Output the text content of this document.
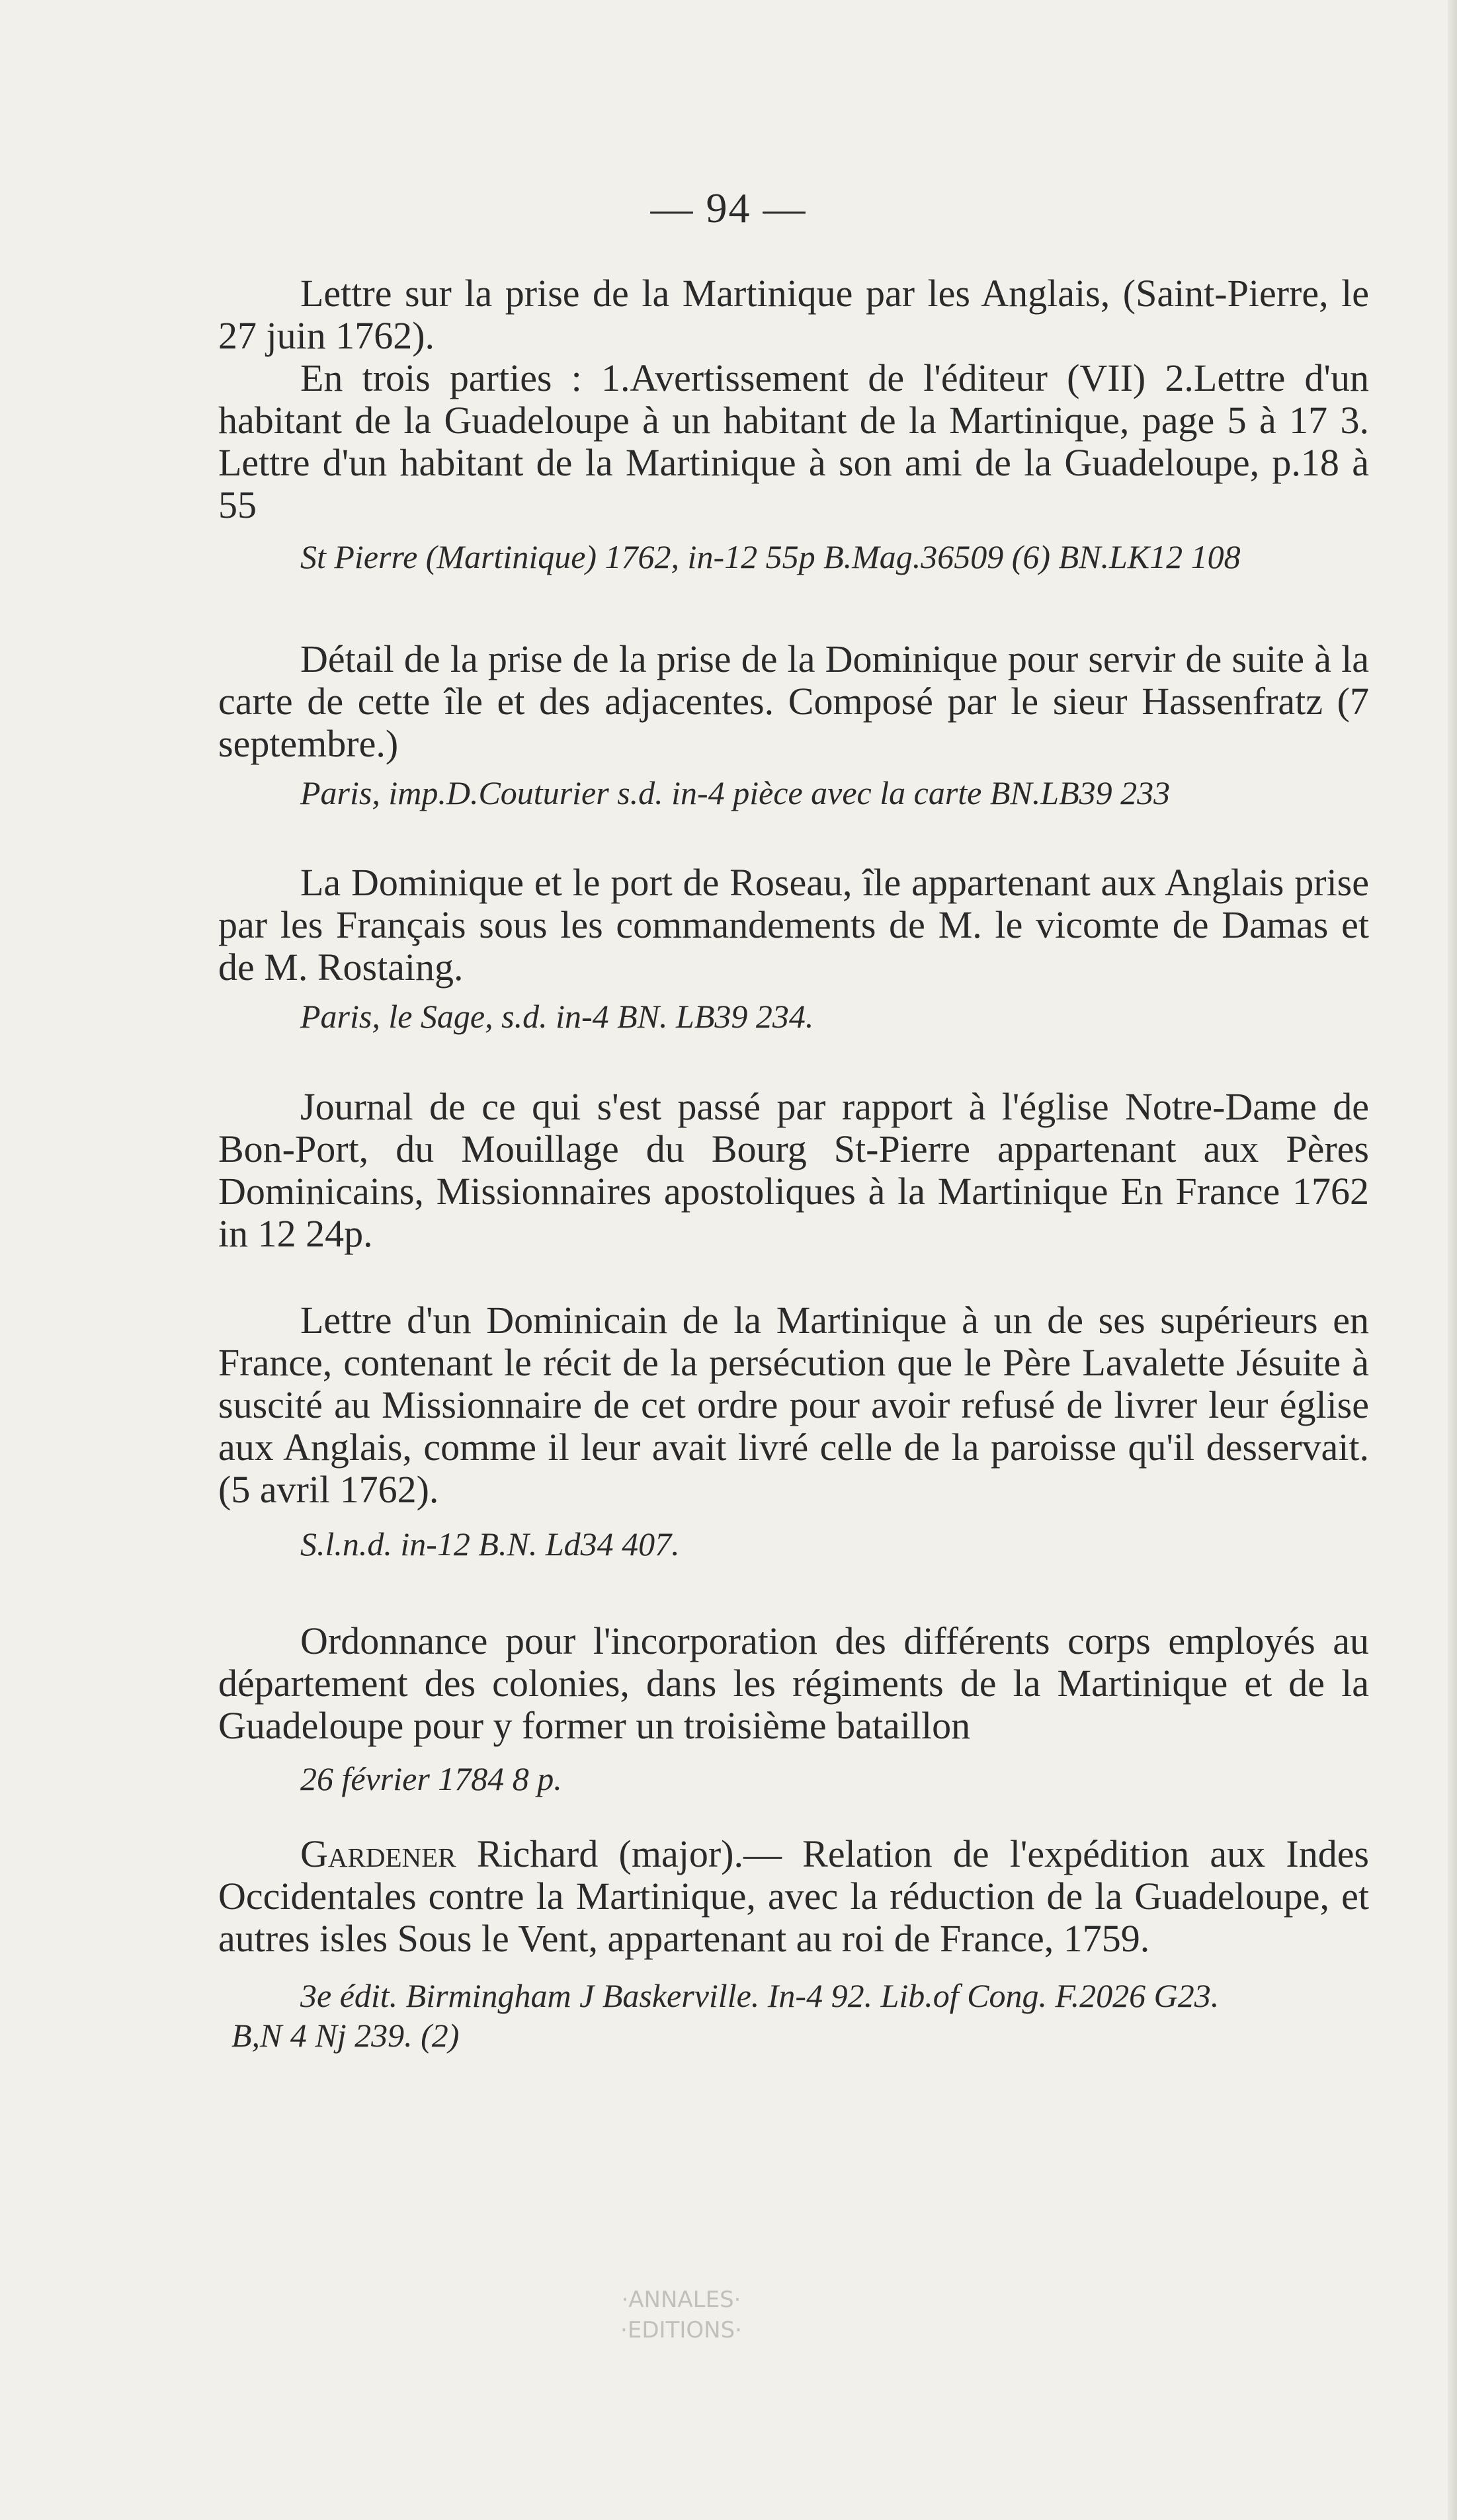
— 94 —

Lettre sur la prise de la Martinique par les Anglais, (Saint-Pierre, le 27 juin 1762).

En trois parties : 1.Avertissement de l'éditeur (VII) 2.Lettre d'un habitant de la Guadeloupe à un habitant de la Martinique, page 5 à 17 3. Lettre d'un habitant de la Martinique à son ami de la Guadeloupe, p.18 à 55

St Pierre (Martinique) 1762, in-12 55p B.Mag.36509 (6) BN.LK12 108

Détail de la prise de la prise de la Dominique pour servir de suite à la carte de cette île et des adjacentes. Composé par le sieur Hassenfratz (7 septembre.)

Paris, imp.D.Couturier s.d. in-4 pièce avec la carte BN.LB39 233

La Dominique et le port de Roseau, île appartenant aux Anglais prise par les Français sous les commandements de M. le vicomte de Damas et de M. Rostaing.

Paris, le Sage, s.d. in-4 BN. LB39 234.

Journal de ce qui s'est passé par rapport à l'église Notre-Dame de Bon-Port, du Mouillage du Bourg St-Pierre appartenant aux Pères Dominicains, Missionnaires apostoliques à la Martinique En France 1762 in 12 24p.

Lettre d'un Dominicain de la Martinique à un de ses supérieurs en France, contenant le récit de la persécution que le Père Lavalette Jésuite à suscité au Missionnaire de cet ordre pour avoir refusé de livrer leur église aux Anglais, comme il leur avait livré celle de la paroisse qu'il desservait. (5 avril 1762).

S.l.n.d. in-12 B.N. Ld34 407.

Ordonnance pour l'incorporation des différents corps employés au département des colonies, dans les régiments de la Martinique et de la Guadeloupe pour y former un troisième bataillon

26 février 1784 8 p.

Gardener Richard (major).— Relation de l'expédition aux Indes Occidentales contre la Martinique, avec la réduction de la Guadeloupe, et autres isles Sous le Vent, appartenant au roi de France, 1759.

3e édit. Birmingham J Baskerville. In-4 92. Lib.of Cong. F.2026 G23.
B,N 4 Nj 239. (2)
·ANNALES·
·EDITIONS·
